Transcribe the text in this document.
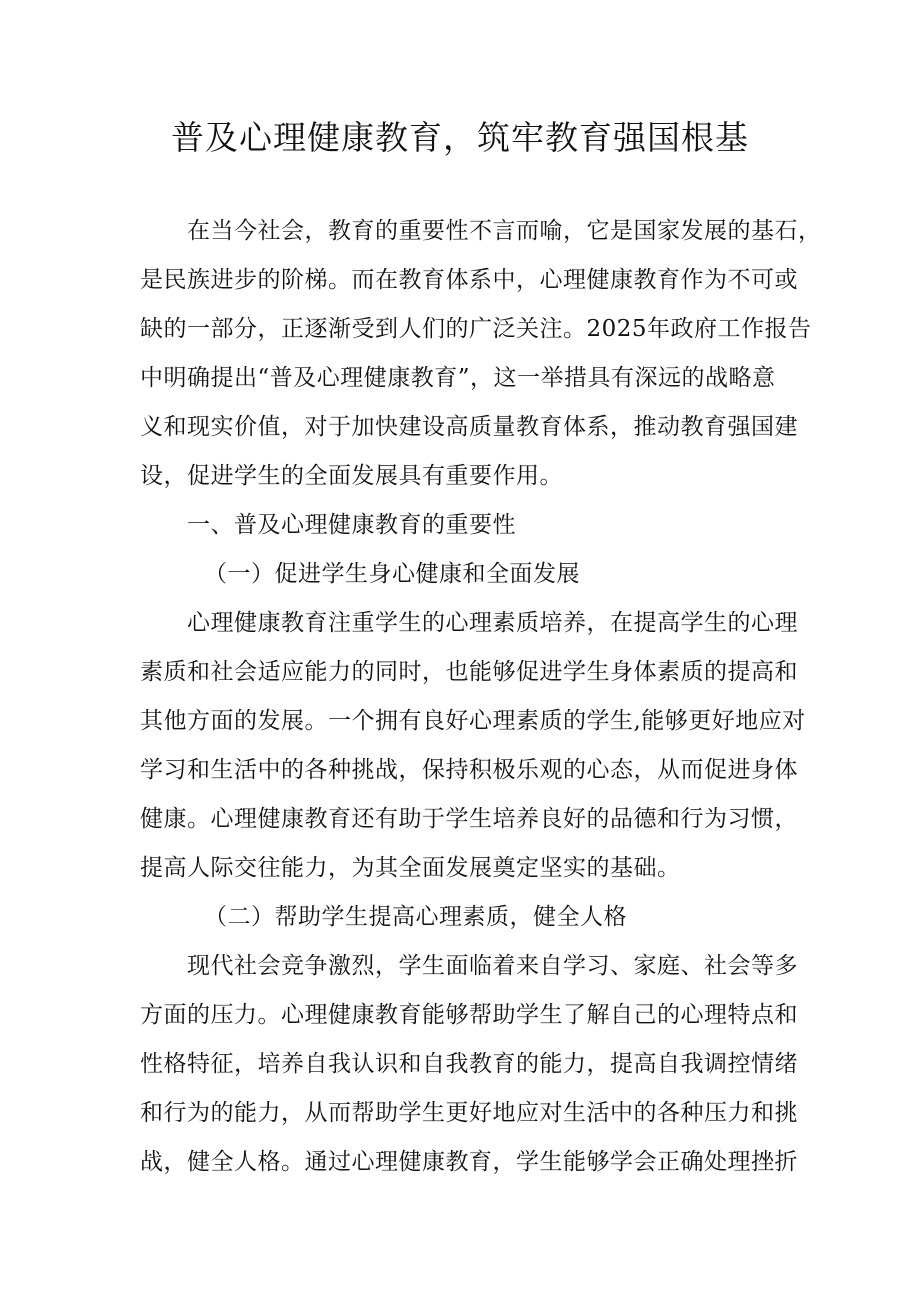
普及心理健康教育，筑牢教育强国根基
在当今社会，教育的重要性不言而喻，它是国家发展的基石，
是民族进步的阶梯。而在教育体系中，心理健康教育作为不可或
缺的一部分，正逐渐受到人们的广泛关注。2025年政府工作报告
中明确提出“普及心理健康教育”，这一举措具有深远的战略意
义和现实价值，对于加快建设高质量教育体系，推动教育强国建
设，促进学生的全面发展具有重要作用。
一、普及心理健康教育的重要性
（一）促进学生身心健康和全面发展
心理健康教育注重学生的心理素质培养，在提高学生的心理
素质和社会适应能力的同时，也能够促进学生身体素质的提高和
其他方面的发展。一个拥有良好心理素质的学生,能够更好地应对
学习和生活中的各种挑战，保持积极乐观的心态，从而促进身体
健康。心理健康教育还有助于学生培养良好的品德和行为习惯，
提高人际交往能力，为其全面发展奠定坚实的基础。
（二）帮助学生提高心理素质，健全人格
现代社会竞争激烈，学生面临着来自学习、家庭、社会等多
方面的压力。心理健康教育能够帮助学生了解自己的心理特点和
性格特征，培养自我认识和自我教育的能力，提高自我调控情绪
和行为的能力，从而帮助学生更好地应对生活中的各种压力和挑
战，健全人格。通过心理健康教育，学生能够学会正确处理挫折
